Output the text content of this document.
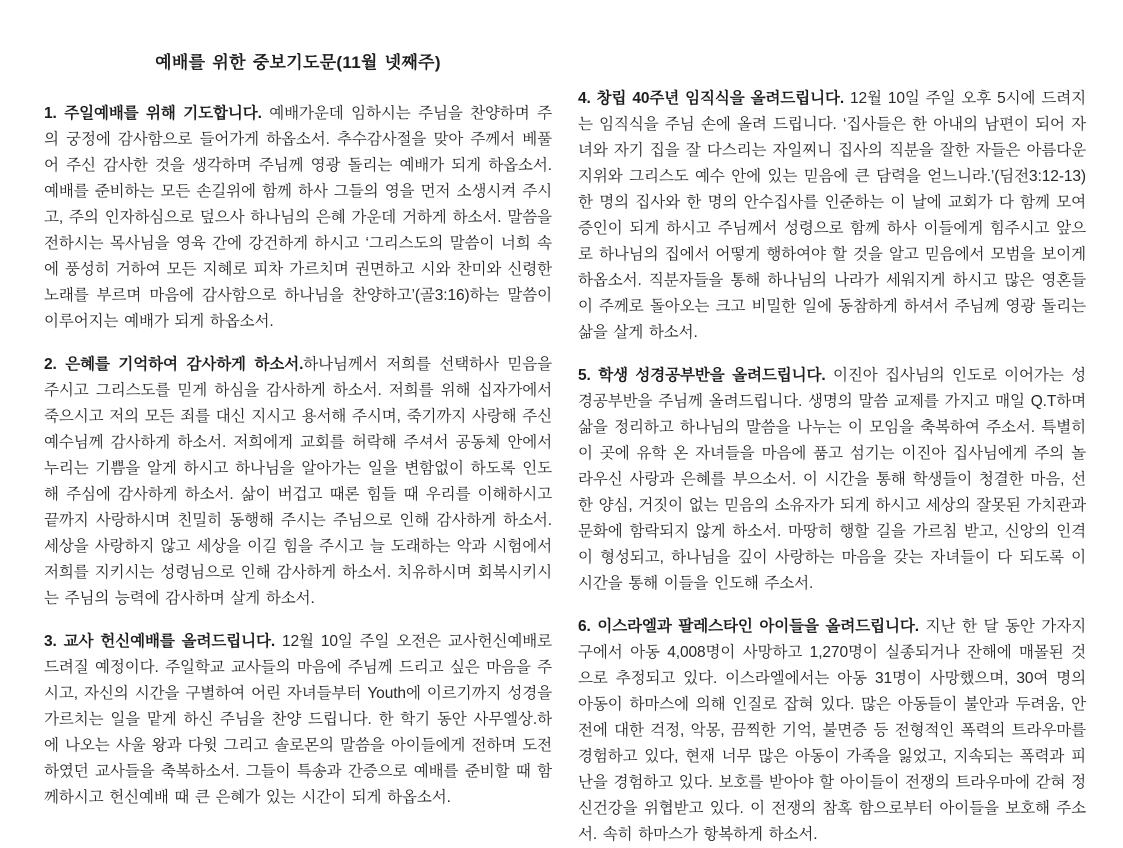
예배를 위한 중보기도문(11월 넷째주)

1. 주일예배를 위해 기도합니다. 예배가운데 임하시는 주님을 찬양하며 주의 궁정에 감사함으로 들어가게 하옵소서. 추수감사절을 맞아 주께서 베풀어 주신 감사한 것을 생각하며 주님께 영광 돌리는 예배가 되게 하옵소서. 예배를 준비하는 모든 손길위에 함께 하사 그들의 영을 먼저 소생시켜 주시고, 주의 인자하심으로 덮으사 하나님의 은혜 가운데 거하게 하소서. 말씀을 전하시는 목사님을 영육 간에 강건하게 하시고 ‘그리스도의 말씀이 너희 속에 풍성히 거하여 모든 지혜로 피차 가르치며 권면하고 시와 찬미와 신령한 노래를 부르며 마음에 감사함으로 하나님을 찬양하고’(골3:16)하는 말씀이 이루어지는 예배가 되게 하옵소서.

2. 은혜를 기억하여 감사하게 하소서.하나님께서 저희를 선택하사 믿음을 주시고 그리스도를 믿게 하심을 감사하게 하소서. 저희를 위해 십자가에서 죽으시고 저의 모든 죄를 대신 지시고 용서해 주시며, 죽기까지 사랑해 주신 예수님께 감사하게 하소서. 저희에게 교회를 허락해 주셔서 공동체 안에서 누리는 기쁨을 알게 하시고 하나님을 알아가는 일을 변함없이 하도록 인도해 주심에 감사하게 하소서. 삶이 버겁고 때론 힘들 때 우리를 이해하시고 끝까지 사랑하시며 친밀히 동행해 주시는 주님으로 인해 감사하게 하소서. 세상을 사랑하지 않고 세상을 이길 힘을 주시고 늘 도래하는 악과 시험에서 저희를 지키시는 성령님으로 인해 감사하게 하소서. 치유하시며 회복시키시는 주님의 능력에 감사하며 살게 하소서.

3. 교사 헌신예배를 올려드립니다. 12월 10일 주일 오전은 교사헌신예배로 드려질 예정이다. 주일학교 교사들의 마음에 주님께 드리고 싶은 마음을 주시고, 자신의 시간을 구별하여 어린 자녀들부터 Youth에 이르기까지 성경을 가르치는 일을 맡게 하신 주님을 찬양 드립니다. 한 학기 동안 사무엘상.하에 나오는 사울 왕과 다윗 그리고 솔로몬의 말씀을 아이들에게 전하며 도전하였던 교사들을 축복하소서. 그들이 특송과 간증으로 예배를 준비할 때 함께하시고 헌신예배 때 큰 은혜가 있는 시간이 되게 하옵소서.

4. 창립 40주년 임직식을 올려드립니다. 12월 10일 주일 오후 5시에 드려지는 임직식을 주님 손에 올려 드립니다. ‘집사들은 한 아내의 남편이 되어 자녀와 자기 집을 잘 다스리는 자일찌니 집사의 직분을 잘한 자들은 아름다운 지위와 그리스도 예수 안에 있는 믿음에 큰 담력을 얻느니라.’(딤전3:12-13) 한 명의 집사와 한 명의 안수집사를 인준하는 이 날에 교회가 다 함께 모여 증인이 되게 하시고 주님께서 성령으로 함께 하사 이들에게 힘주시고 앞으로 하나님의 집에서 어떻게 행하여야 할 것을 알고 믿음에서 모범을 보이게 하옵소서. 직분자들을 통해 하나님의 나라가 세워지게 하시고 많은 영혼들이 주께로 돌아오는 크고 비밀한 일에 동참하게 하셔서 주님께 영광 돌리는 삶을 살게 하소서.

5. 학생 성경공부반을 올려드립니다. 이진아 집사님의 인도로 이어가는 성경공부반을 주님께 올려드립니다. 생명의 말씀 교제를 가지고 매일 Q.T하며 삶을 정리하고 하나님의 말씀을 나누는 이 모임을 축복하여 주소서. 특별히 이 곳에 유학 온 자녀들을 마음에 품고 섬기는 이진아 집사님에게 주의 놀라우신 사랑과 은혜를 부으소서. 이 시간을 통해 학생들이 청결한 마음, 선한 양심, 거짓이 없는 믿음의 소유자가 되게 하시고 세상의 잘못된 가치관과 문화에 함락되지 않게 하소서. 마땅히 행할 길을 가르침 받고, 신앙의 인격이 형성되고, 하나님을 깊이 사랑하는 마음을 갖는 자녀들이 다 되도록 이 시간을 통해 이들을 인도해 주소서.

6. 이스라엘과 팔레스타인 아이들을 올려드립니다. 지난 한 달 동안 가자지구에서 아동 4,008명이 사망하고 1,270명이 실종되거나 잔해에 매몰된 것으로 추정되고 있다. 이스라엘에서는 아동 31명이 사망했으며, 30여 명의 아동이 하마스에 의해 인질로 잡혀 있다. 많은 아동들이 불안과 두려움, 안전에 대한 걱정, 악몽, 끔찍한 기억, 불면증 등 전형적인 폭력의 트라우마를 경험하고 있다, 현재 너무 많은 아동이 가족을 잃었고, 지속되는 폭력과 피난을 경험하고 있다. 보호를 받아야 할 아이들이 전쟁의 트라우마에 갇혀 정신건강을 위협받고 있다. 이 전쟁의 참혹 함으로부터 아이들을 보호해 주소서. 속히 하마스가 항복하게 하소서.
